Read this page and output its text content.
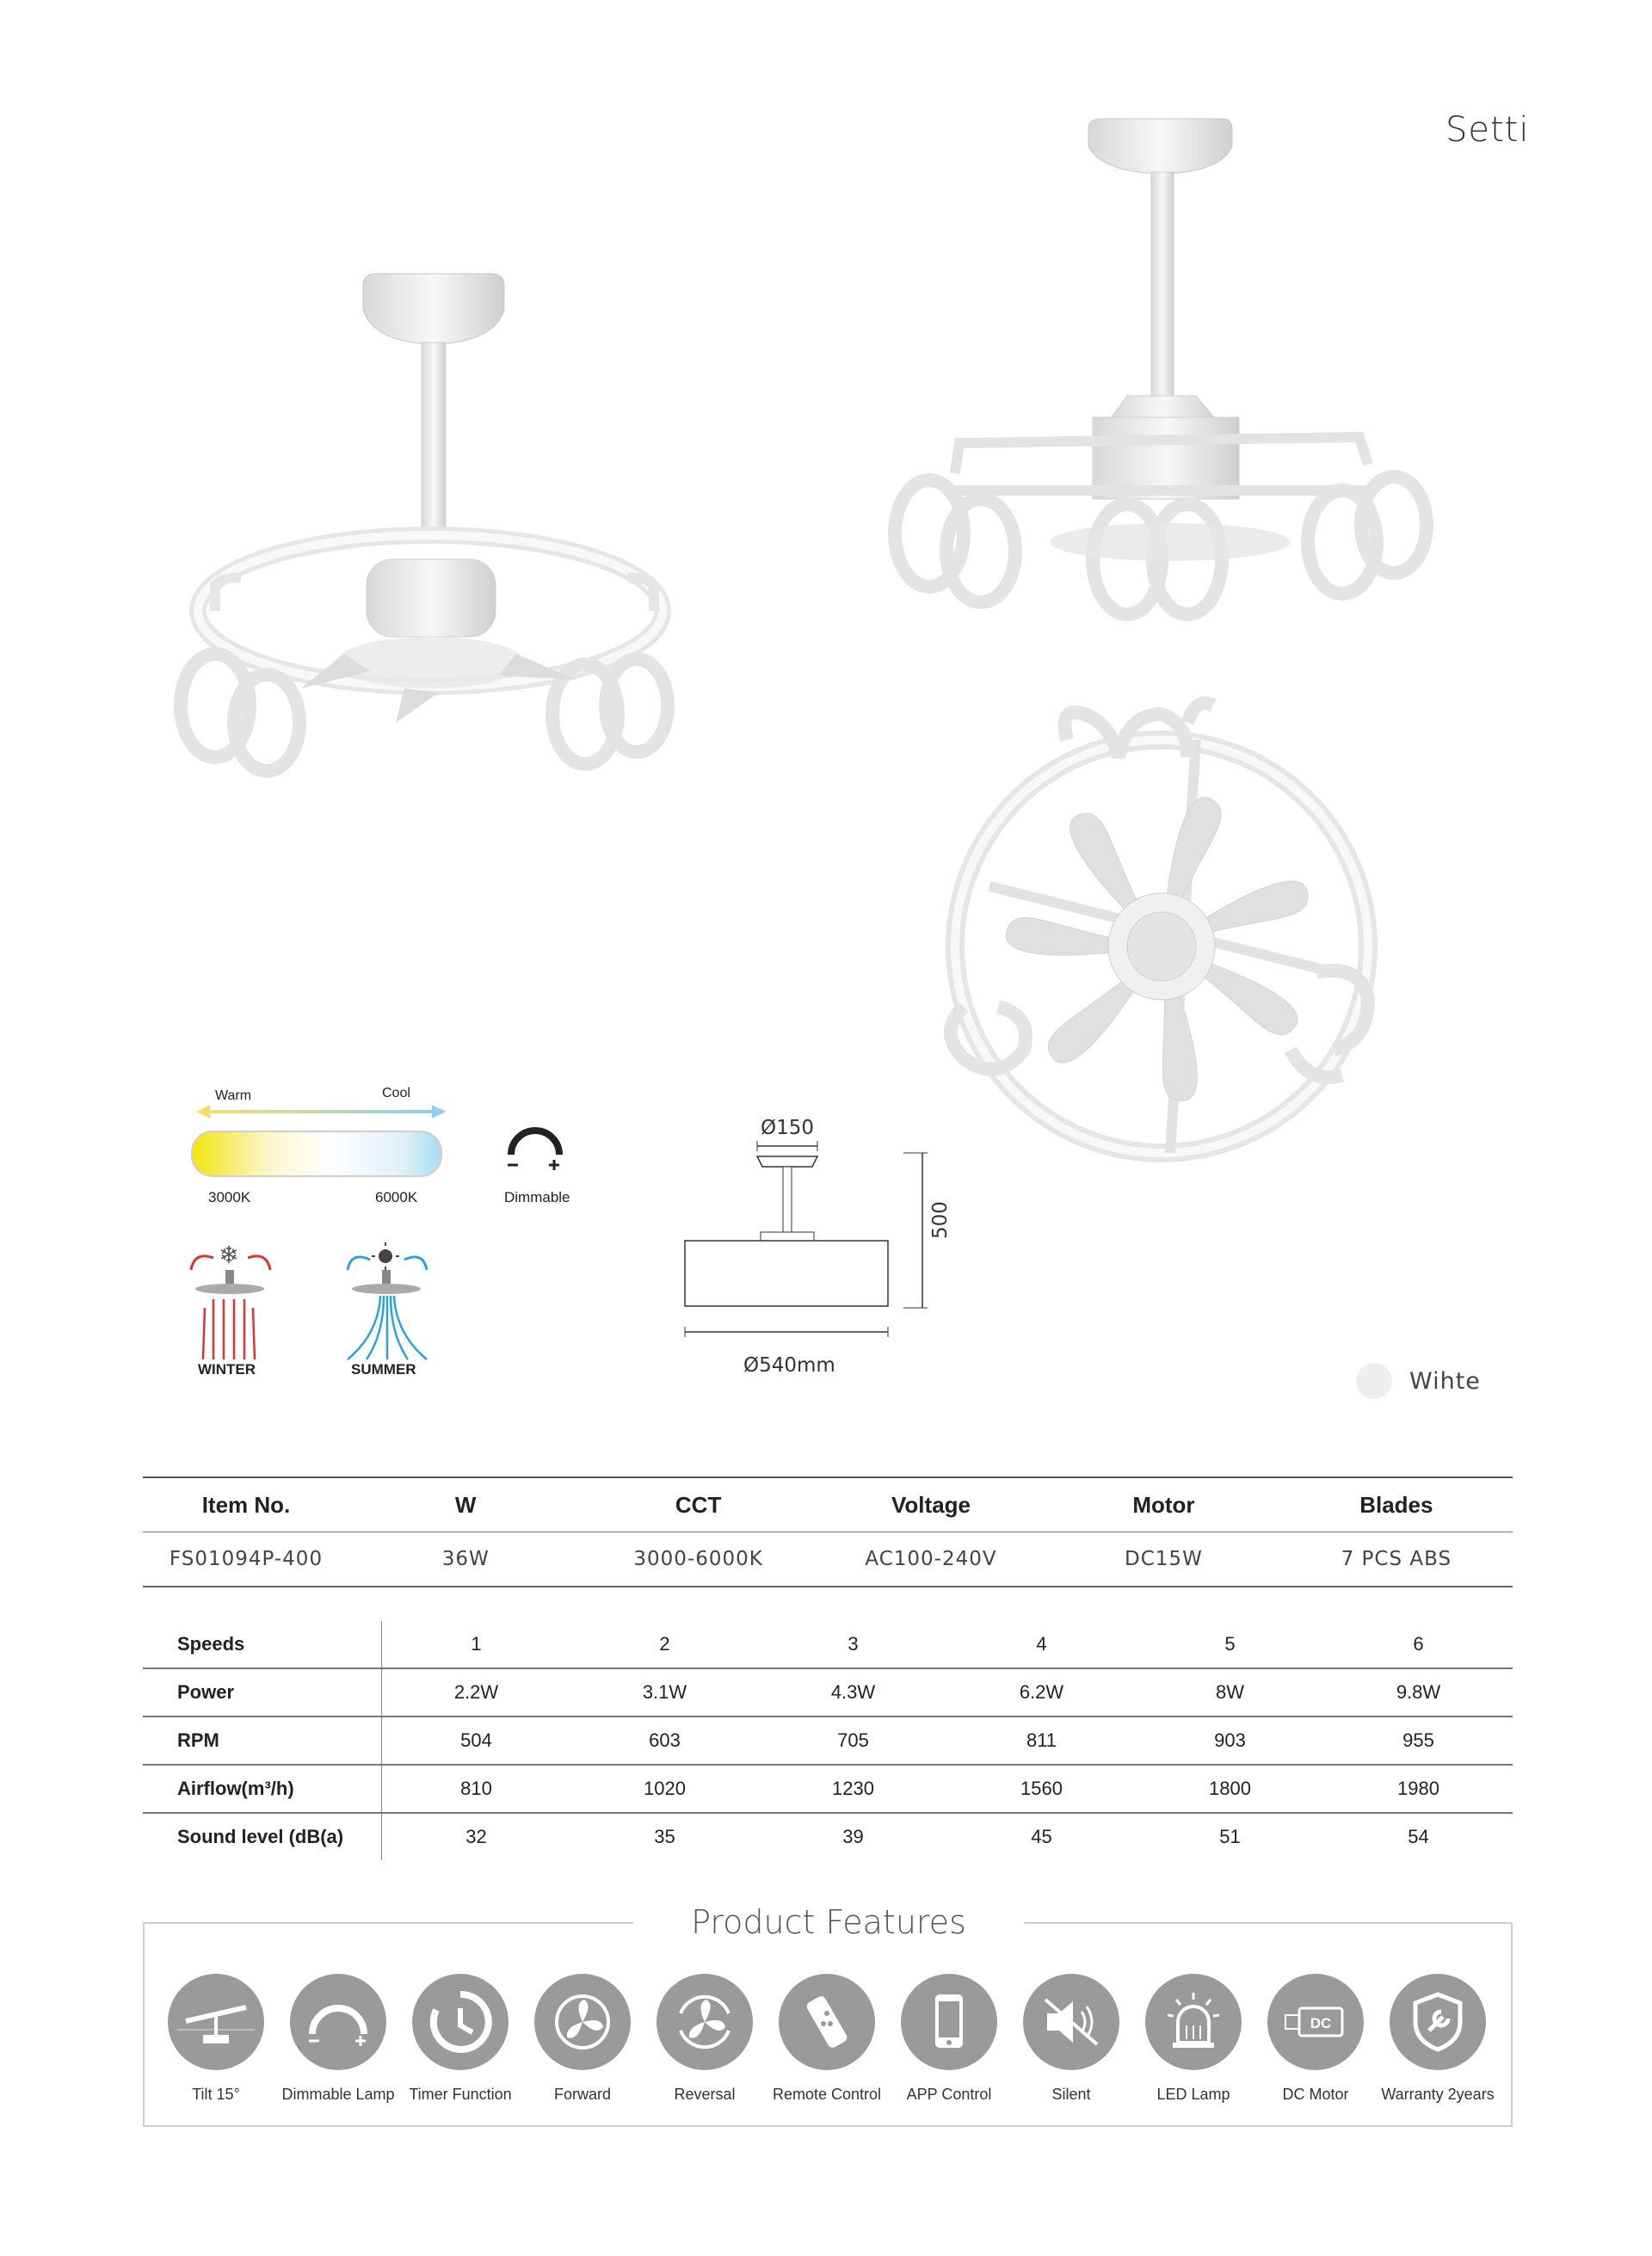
Setti
Warm	Cool
3000K	6000K	Dimmable
❄
WINTER	SUMMER
Ø150
500
Ø540mm
Wihte
Item No.	W	CCT	Voltage	Motor	Blades
FS01094P-400	36W	3000-6000K	AC100-240V	DC15W	7 PCS ABS
Speeds	1	2	3	4	5	6
Power	2.2W	3.1W	4.3W	6.2W	8W	9.8W
RPM	504	603	705	811	903	955
Airflow(m³/h)	810	1020	1230	1560	1800	1980
Sound level (dB(a)	32	35	39	45	51	54
Product Features
Tilt 15°	Dimmable Lamp Timer Function	Forward	Reversal	Remote Control	APP Control	Silent	LED Lamp
DC
DC Motor	Warranty 2years
